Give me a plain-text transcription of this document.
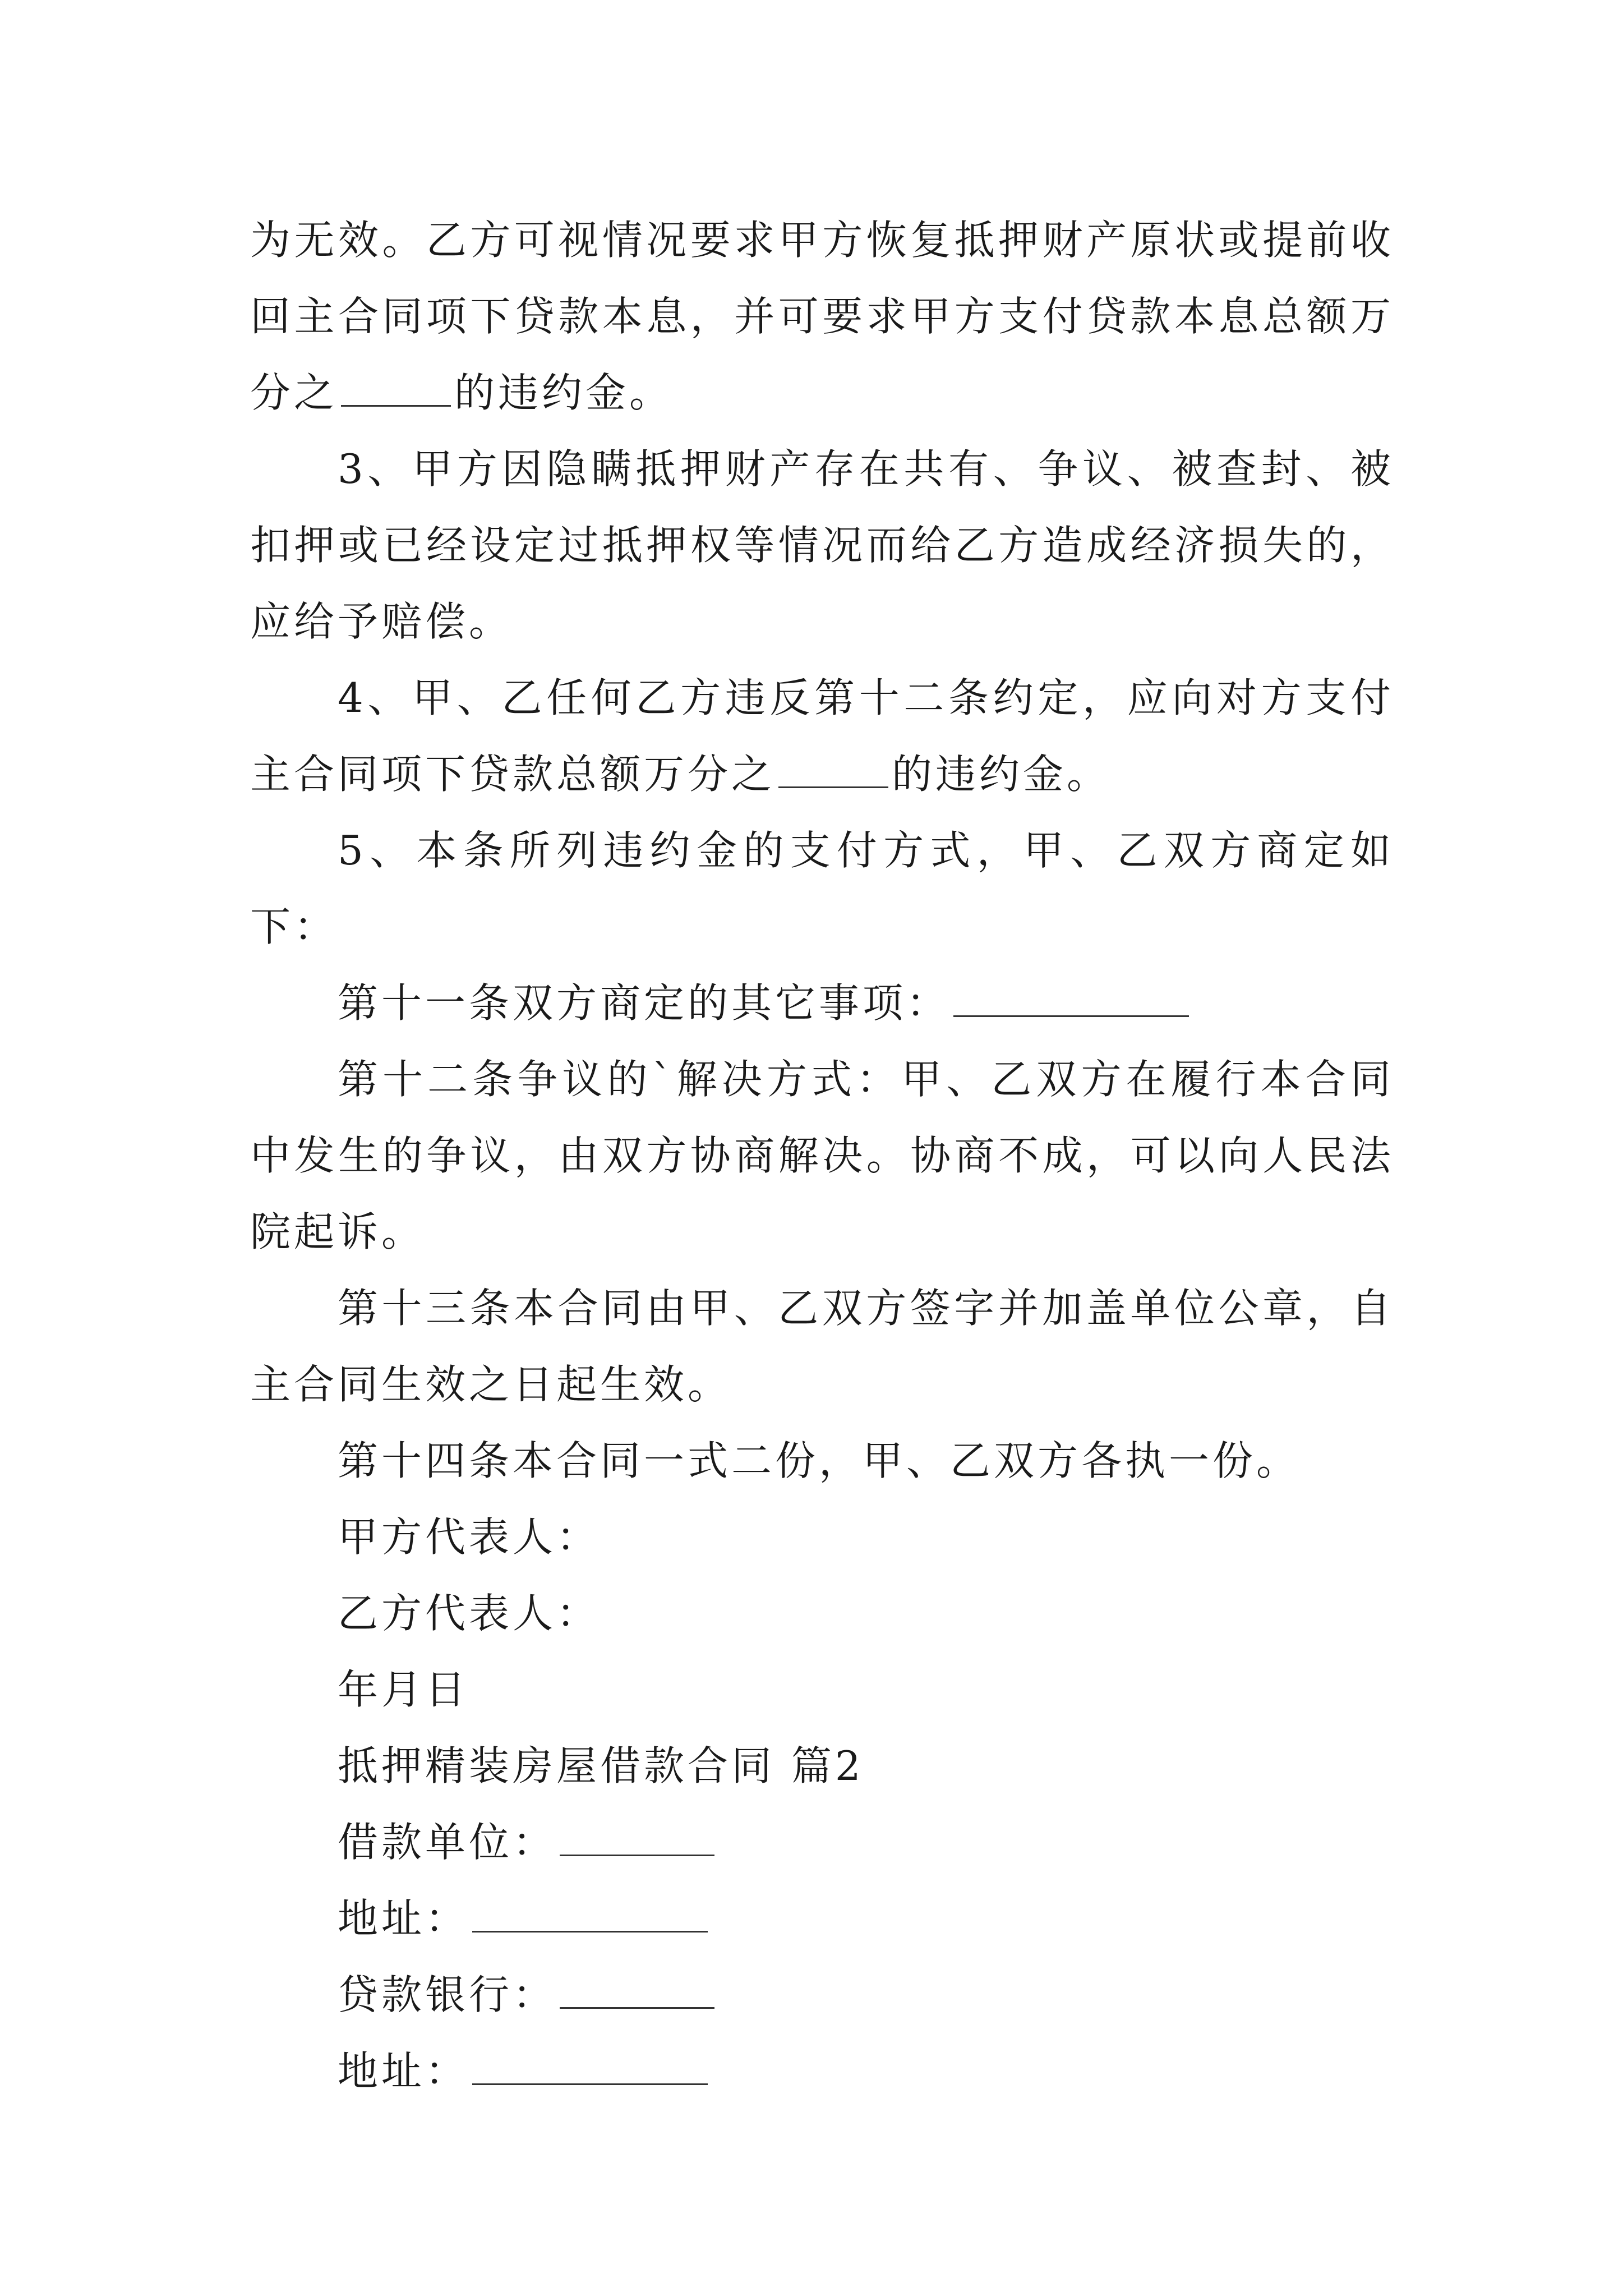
为无效。乙方可视情况要求甲方恢复抵押财产原状或提前收回主合同项下贷款本息，并可要求甲方支付贷款本息总额万分之	的违约金。

3、甲方因隐瞒抵押财产存在共有、争议、被查封、被扣押或已经设定过抵押权等情况而给乙方造成经济损失的，应给予赔偿。

4、甲、乙任何乙方违反第十二条约定，应向对方支付主合同项下贷款总额万分之	的违约金。

5、本条所列违约金的支付方式，甲、乙双方商定如下：

第十一条双方商定的其它事项：

第十二条争议的`解决方式：甲、乙双方在履行本合同中发生的争议，由双方协商解决。协商不成，可以向人民法院起诉。

第十三条本合同由甲、乙双方签字并加盖单位公章，自主合同生效之日起生效。

第十四条本合同一式二份，甲、乙双方各执一份。

甲方代表人：

乙方代表人：

年月日

抵押精装房屋借款合同 篇2

借款单位：

地址：

贷款银行：

地址：
